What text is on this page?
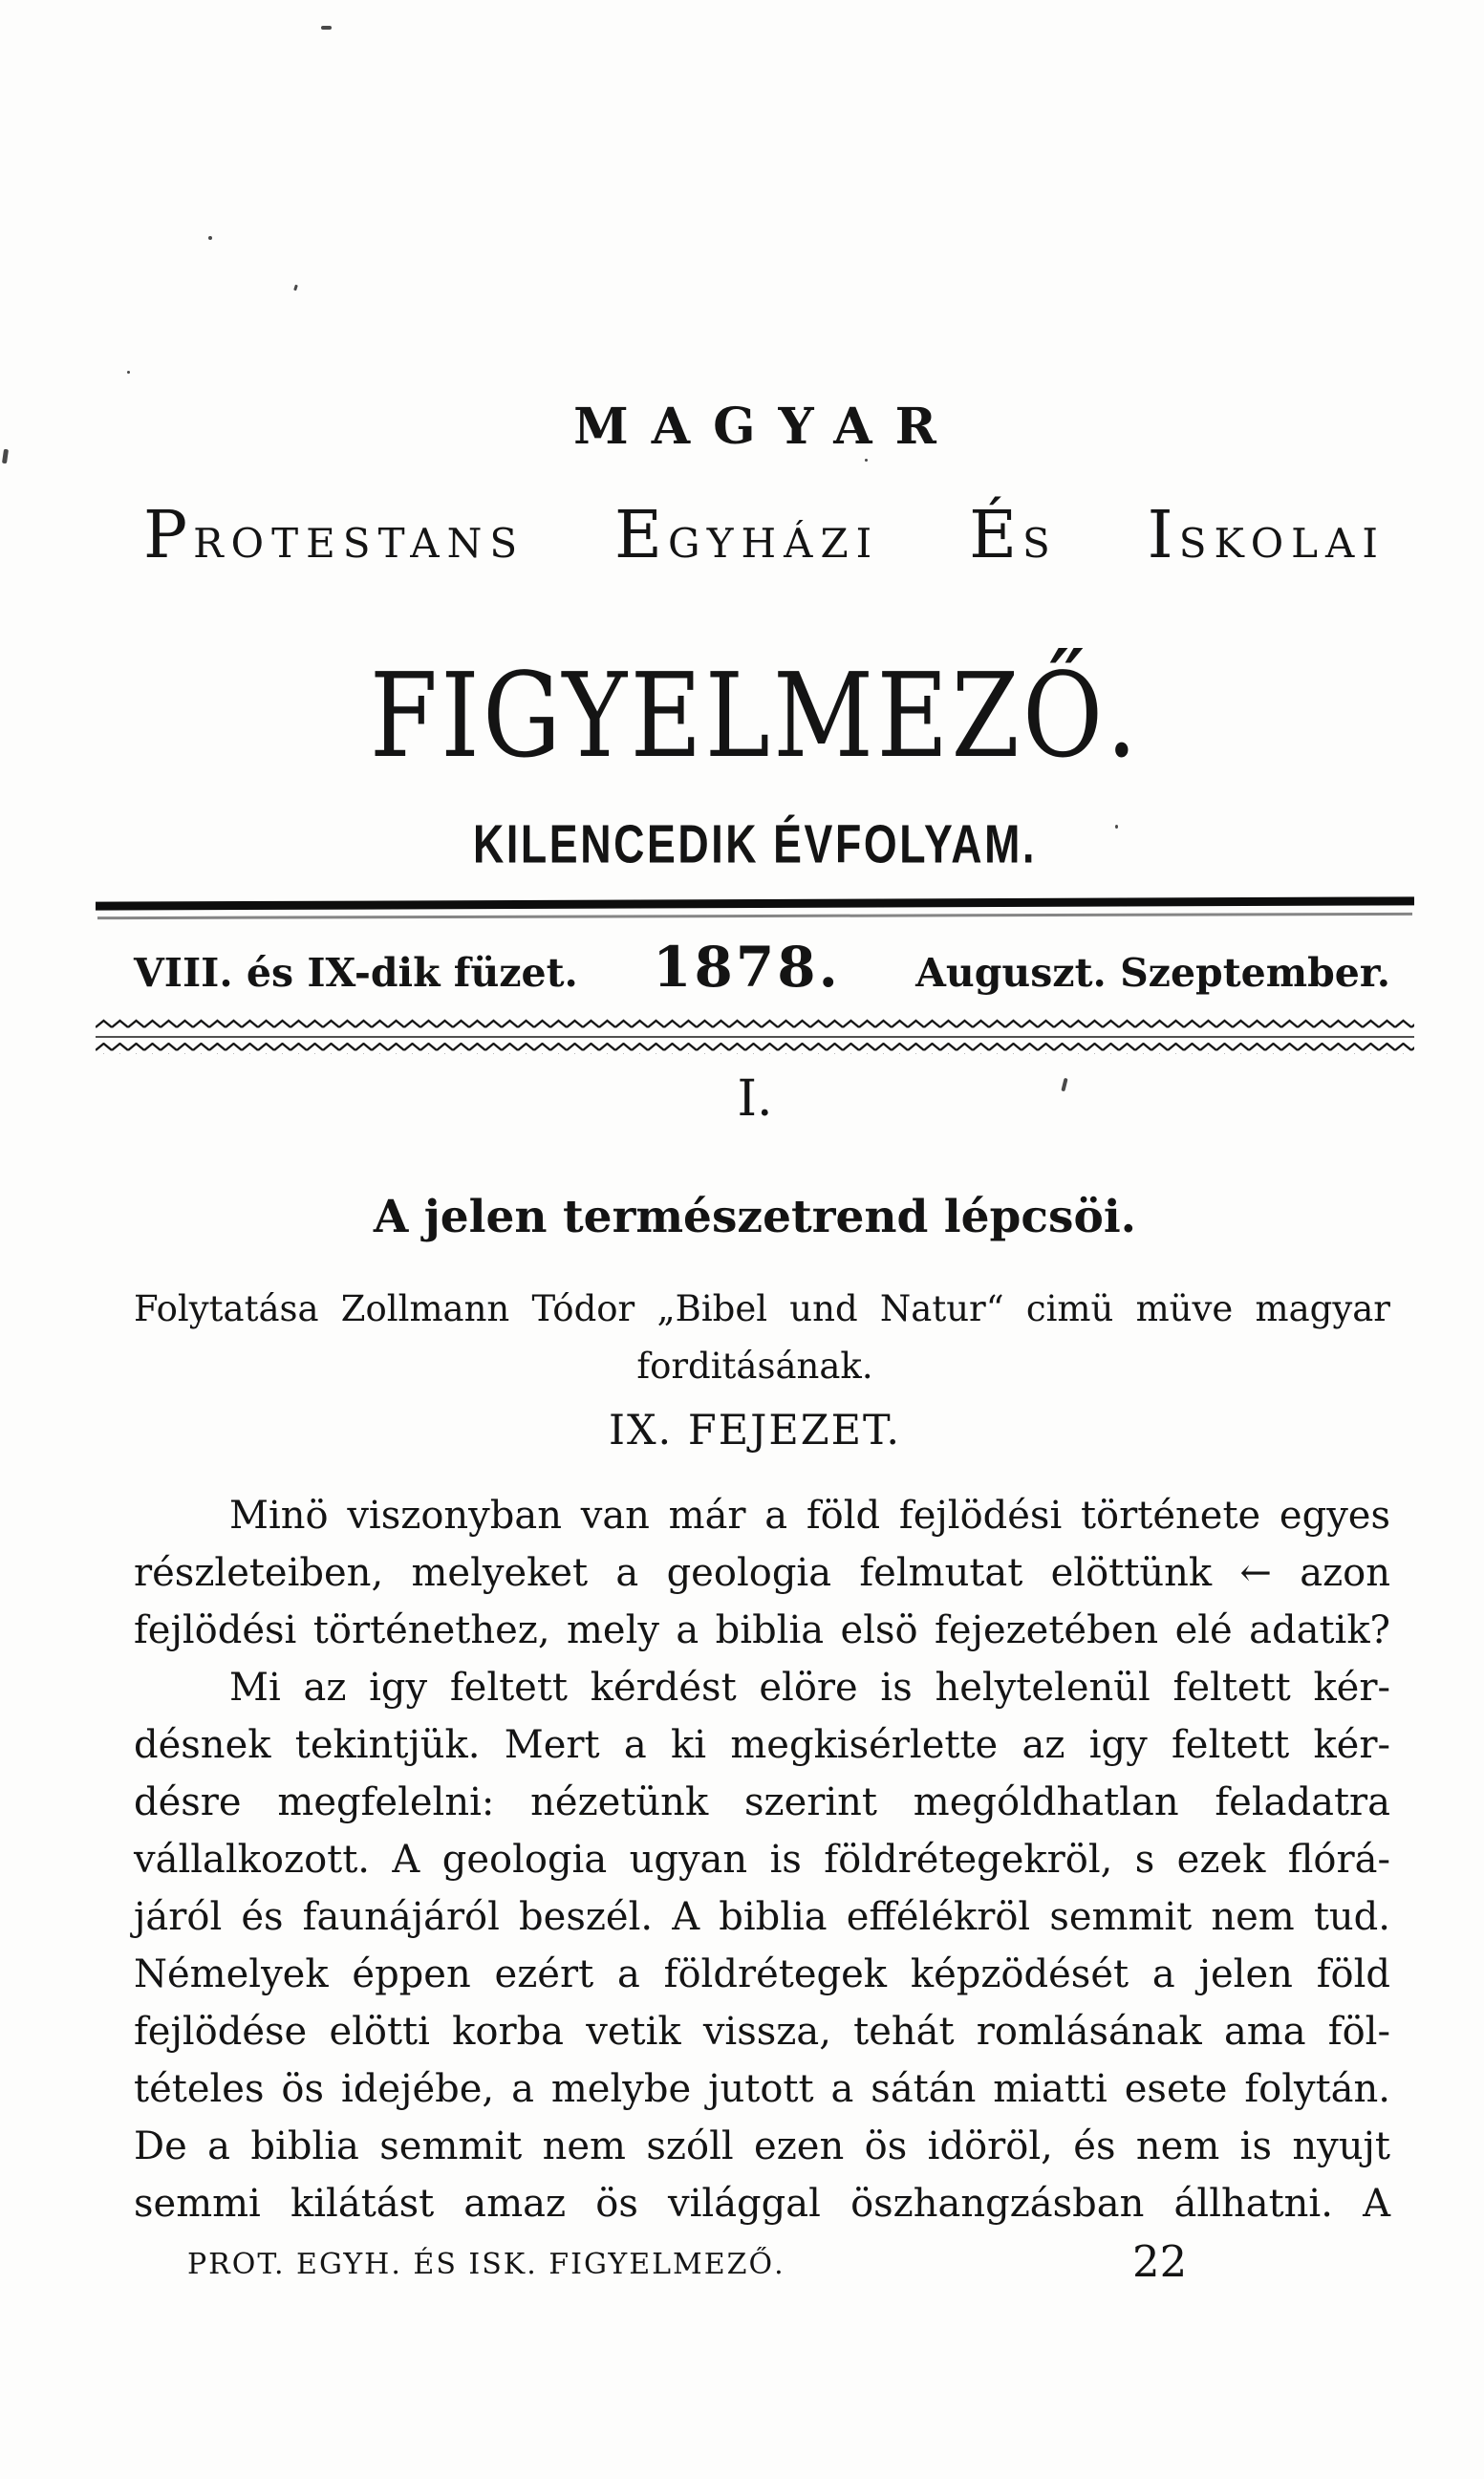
MAGYAR
PROTESTANS EGYHÁZI ÉS ISKOLAI
FIGYELMEZŐ.
KILENCEDIK ÉVFOLYAM.
VIII. és IX-dik füzet. 1878. Auguszt. Szeptember.
I.
A jelen természetrend lépcsöi.
Folytatása Zollmann Tódor „Bibel und Natur“ cimü müve magyar
forditásának.
IX. FEJEZET.
Minö viszonyban van már a föld fejlödési története egyes
részleteiben, melyeket a geologia felmutat elöttünk ← azon
fejlödési történethez, mely a biblia elsö fejezetében elé adatik?
Mi az igy feltett kérdést elöre is helytelenül feltett kér-
désnek tekintjük. Mert a ki megkisérlette az igy feltett kér-
désre megfelelni: nézetünk szerint mególdhatlan feladatra
vállalkozott. A geologia ugyan is földrétegekröl, s ezek flórá-
járól és faunájáról beszél. A biblia effélékröl semmit nem tud.
Némelyek éppen ezért a földrétegek képzödését a jelen föld
fejlödése elötti korba vetik vissza, tehát romlásának ama föl-
tételes ös idejébe, a melybe jutott a sátán miatti esete folytán.
De a biblia semmit nem szóll ezen ös idöröl, és nem is nyujt
semmi kilátást amaz ös világgal öszhangzásban állhatni. A
PROT. EGYH. ÉS ISK. FIGYELMEZŐ.	22
